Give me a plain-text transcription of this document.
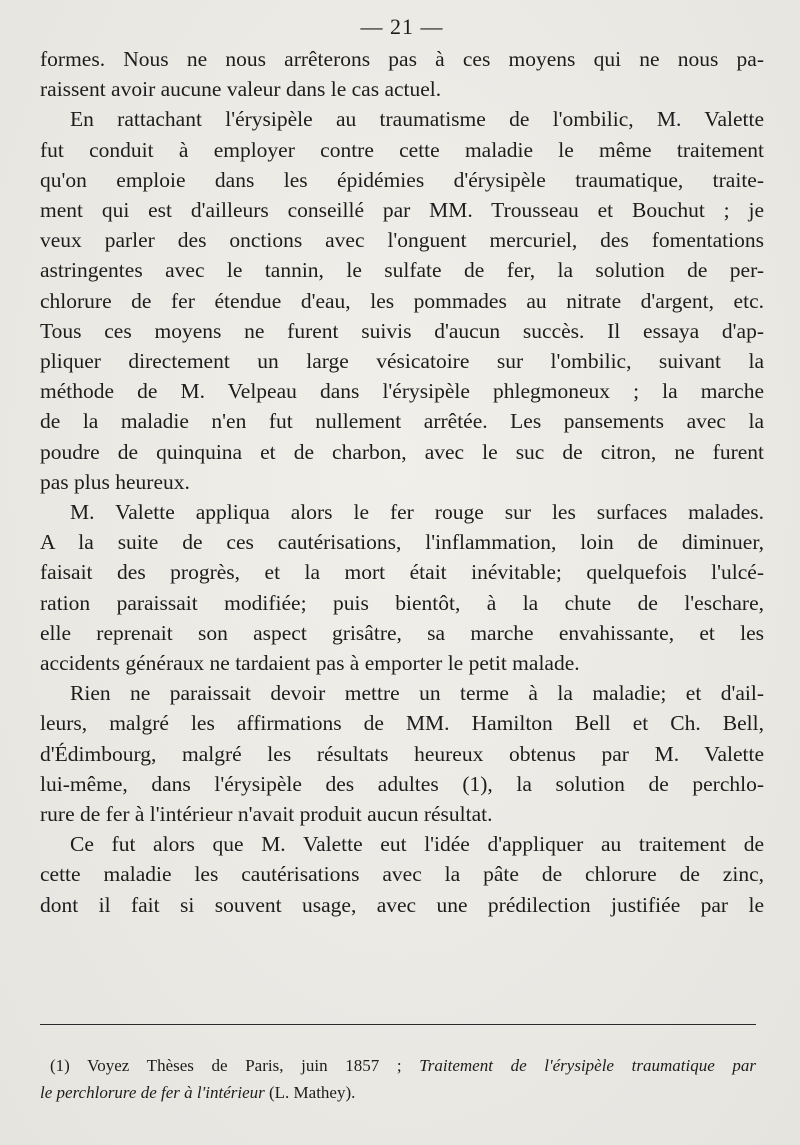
— 21 —
formes. Nous ne nous arrêterons pas à ces moyens qui ne nous pa-
raissent avoir aucune valeur dans le cas actuel.
En rattachant l'érysipèle au traumatisme de l'ombilic, M. Valette
fut conduit à employer contre cette maladie le même traitement
qu'on emploie dans les épidémies d'érysipèle traumatique, traite-
ment qui est d'ailleurs conseillé par MM. Trousseau et Bouchut ; je
veux parler des onctions avec l'onguent mercuriel, des fomentations
astringentes avec le tannin, le sulfate de fer, la solution de per-
chlorure de fer étendue d'eau, les pommades au nitrate d'argent, etc.
Tous ces moyens ne furent suivis d'aucun succès. Il essaya d'ap-
pliquer directement un large vésicatoire sur l'ombilic, suivant la
méthode de M. Velpeau dans l'érysipèle phlegmoneux ; la marche
de la maladie n'en fut nullement arrêtée. Les pansements avec la
poudre de quinquina et de charbon, avec le suc de citron, ne furent
pas plus heureux.
M. Valette appliqua alors le fer rouge sur les surfaces malades.
A la suite de ces cautérisations, l'inflammation, loin de diminuer,
faisait des progrès, et la mort était inévitable; quelquefois l'ulcé-
ration paraissait modifiée; puis bientôt, à la chute de l'eschare,
elle reprenait son aspect grisâtre, sa marche envahissante, et les
accidents généraux ne tardaient pas à emporter le petit malade.
Rien ne paraissait devoir mettre un terme à la maladie; et d'ail-
leurs, malgré les affirmations de MM. Hamilton Bell et Ch. Bell,
d'Édimbourg, malgré les résultats heureux obtenus par M. Valette
lui-même, dans l'érysipèle des adultes (1), la solution de perchlo-
rure de fer à l'intérieur n'avait produit aucun résultat.
Ce fut alors que M. Valette eut l'idée d'appliquer au traitement de
cette maladie les cautérisations avec la pâte de chlorure de zinc,
dont il fait si souvent usage, avec une prédilection justifiée par le
(1) Voyez Thèses de Paris, juin 1857 ; Traitement de l'érysipèle traumatique par
le perchlorure de fer à l'intérieur (L. Mathey).
